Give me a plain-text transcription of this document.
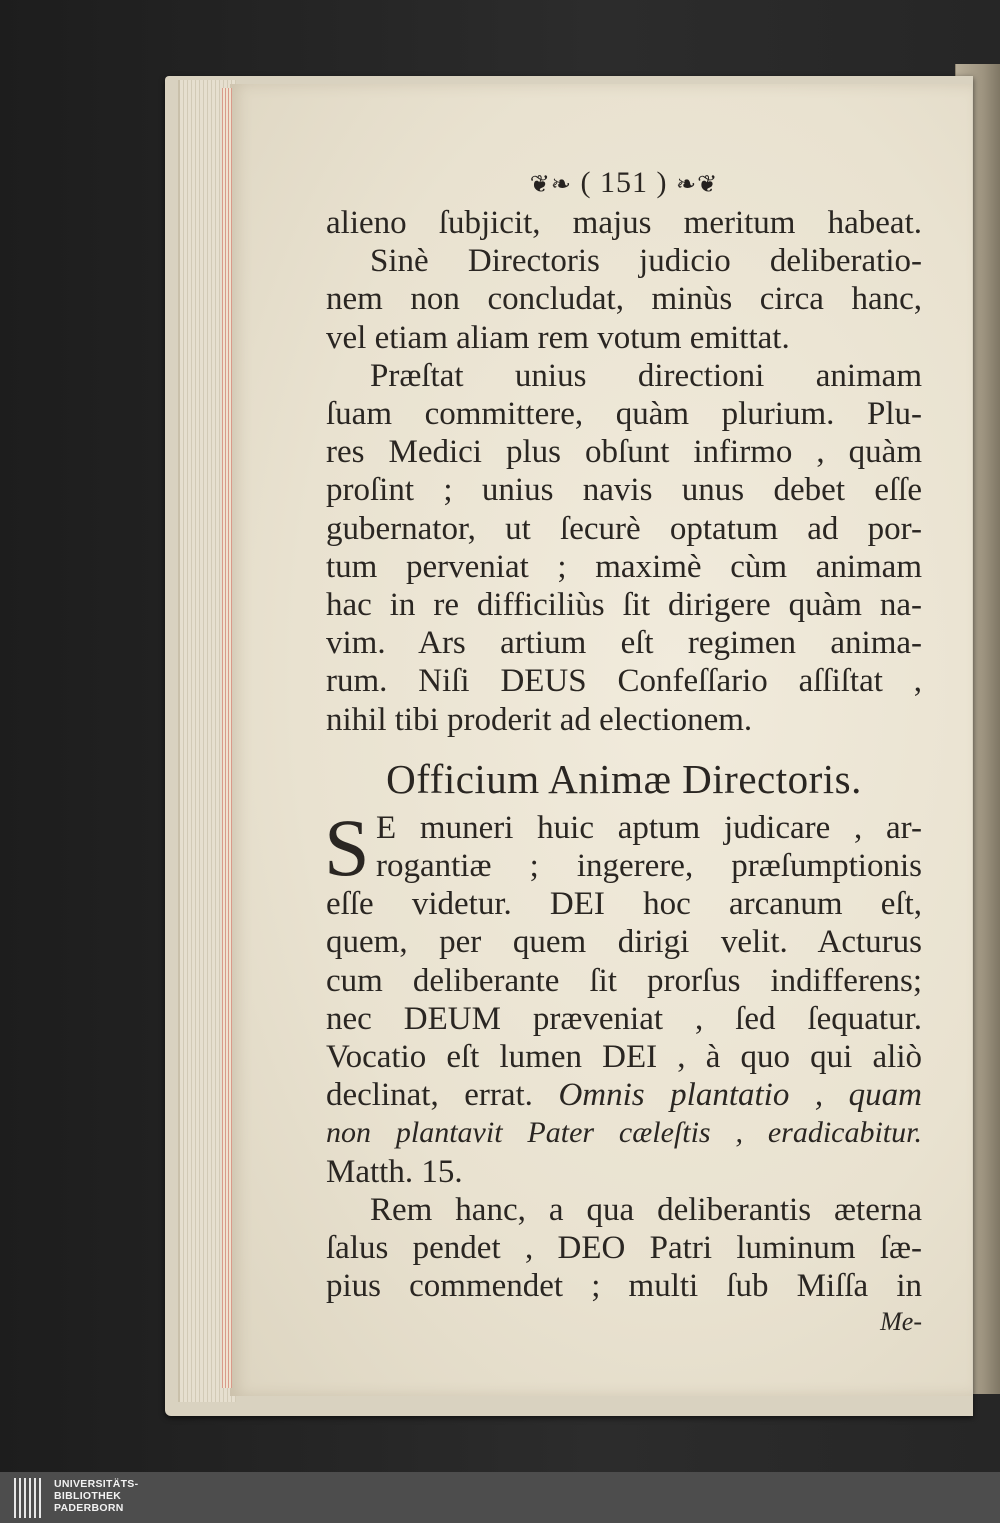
❦❧ ( 151 ) ❧❦
alieno ſubjicit, majus meritum habeat.
Sinè Directoris judicio deliberatio-
nem non concludat, minùs circa hanc,
vel etiam aliam rem votum emittat.
Præſtat unius directioni animam
ſuam committere, quàm plurium. Plu-
res Medici plus obſunt infirmo , quàm
proſint ; unius navis unus debet eſſe
gubernator, ut ſecurè optatum ad por-
tum perveniat ; maximè cùm animam
hac in re difficiliùs ſit dirigere quàm na-
vim. Ars artium eſt regimen anima-
rum. Niſi DEUS Confeſſario aſſiſtat ,
nihil tibi proderit ad electionem.
Officium Animæ Directoris.
S E muneri huic aptum judicare , ar-
rogantiæ ; ingerere, præſumptionis
eſſe videtur. DEI hoc arcanum eſt,
quem, per quem dirigi velit. Acturus
cum deliberante ſit prorſus indifferens;
nec DEUM præveniat , ſed ſequatur.
Vocatio eſt lumen DEI , à quo qui aliò
declinat, errat. Omnis plantatio , quam
non plantavit Pater cæleſtis , eradicabitur.
Matth. 15.
Rem hanc, a qua deliberantis æterna
ſalus pendet , DEO Patri luminum ſæ-
pius commendet ; multi ſub Miſſa in
Me-
UNIVERSITÄTS-
BIBLIOTHEK
PADERBORN
